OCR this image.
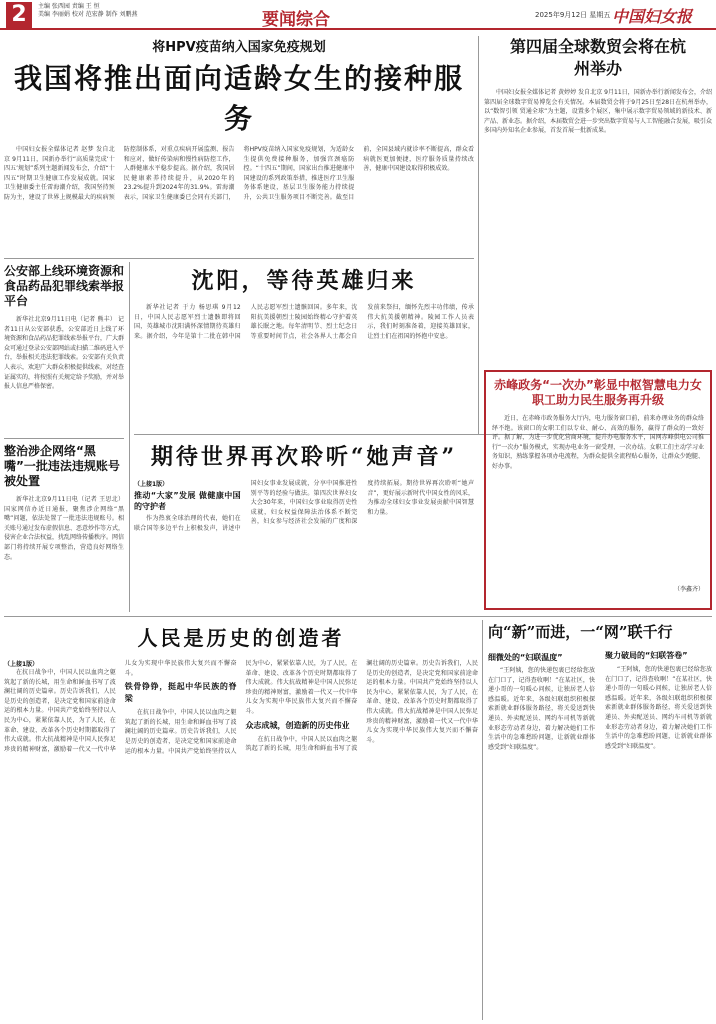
2	主编 张西园 责编 王 恒
美编 李丽娟 校对 范宏静 制作 刘鹏燕	要闻综合	2025年9月12日 星期五 中国妇女报
将HPV疫苗纳入国家免疫规划
我国将推出面向适龄女生的接种服务

中国妇女报全媒体记者 赵梦 发自北京 9月11日，国新办举行“高质量完成‘十四五’规划”系列主题新闻发布会，介绍“十四五”时期卫生健康工作发展成就。国家卫生健康委主任雷海潮介绍，我国坚持预防为主，建设了世界上规模最大的疾病预防控制体系，对重点疾病开展监测、报告和应对，做好传染病和慢性病防控工作，人群健康水平稳步提高。据介绍，我国居民健康素养持续提升，从2020年的23.2%提升到2024年的31.9%。雷海潮表示，国家卫生健康委已会同有关部门，将HPV疫苗纳入国家免疫规划，为适龄女生提供免费接种服务，加强宫颈癌防控。“十四五”期间，国家出台推进健康中国建设的系列政策举措，推进医疗卫生服务体系建设，基层卫生服务能力持续提升，公共卫生服务项目不断完善。截至目前，全国县域内就诊率不断提高，群众看病就医更加便捷，医疗服务质量持续改善，健康中国建设取得积极成效。

第四届全球数贸会将在杭州举办

中国妇女报全媒体记者 黄婷婷 发自北京 9月11日，国新办举行新闻发布会，介绍第四届全球数字贸易博览会有关情况。本届数贸会将于9月25日至28日在杭州举办，以“数智引领 贸通全球”为主题，设置多个展区，集中展示数字贸易领域的新技术、新产品、新业态。据介绍，本届数贸会进一步突出数字贸易与人工智能融合发展，吸引众多国内外知名企业参展，首发首展一批新成果。

公安部上线环境资源和食品药品犯罪线索举报平台

新华社北京9月11日电（记者 熊丰） 记者11日从公安部获悉，公安部近日上线了环境资源和食品药品犯罪线索举报平台，广大群众可通过登录公安部网站或扫描二维码进入平台，举报相关违法犯罪线索。公安部有关负责人表示，欢迎广大群众积极提供线索，对经查证属实的，将按照有关规定给予奖励，并对举报人信息严格保密。

整治涉企网络“黑嘴”一批违法违规账号被处置

新华社北京9月11日电（记者 王思北） 国家网信办近日通报，聚焦涉企网络“黑嘴”问题，依法处置了一批违法违规账号。相关账号通过发布虚假信息、恶意炒作等方式，侵害企业合法权益，扰乱网络传播秩序。网信部门将持续开展专项整治，营造良好网络生态。

沈阳，等待英雄归来

新华社记者 于力 杨思琪 9月12日，中国人民志愿军烈士遗骸即将回国，英雄城市沈阳满怀深情期待英雄归来。据介绍，今年是第十二批在韩中国人民志愿军烈士遗骸回国。多年来，沈阳抗美援朝烈士陵园始终精心守护着英雄长眠之地。每年清明节、烈士纪念日等重要时间节点，社会各界人士都会自发前来祭扫，缅怀先烈丰功伟绩，传承伟大抗美援朝精神。陵园工作人员表示，我们时刻准备着，迎接英雄回家，让烈士们在祖国的怀抱中安息。

期待世界再次聆听“她声音”
（上接1版）
推动“大家”发展 做健康中国的守护者

作为热衷全球治理的代表，她们在联合国等多边平台上积极发声，讲述中国妇女事业发展成就，分享中国推进性别平等的经验与做法。第四次世界妇女大会30年来，中国妇女事业取得历史性成就，妇女权益保障法治体系不断完善，妇女参与经济社会发展的广度和深度持续拓展。期待世界再次聆听“她声音”，更好展示新时代中国女性的风采，为推动全球妇女事业发展贡献中国智慧和力量。

赤峰政务“一次办”彰显中枢智慧电力女职工助力民生服务再升级

近日，在赤峰市政务服务大厅内，电力服务窗口前，前来办理业务的群众络绎不绝。该窗口的女职工们以专业、耐心、高效的服务，赢得了群众的一致好评。据了解，为进一步优化营商环境，提升办电服务水平，国网赤峰供电公司推行“一次办”服务模式，实现办电业务一窗受理、一次办结。女职工们主动学习业务知识，熟练掌握各项办电流程，为群众提供全流程贴心服务，让群众少跑腿、好办事。

（李鑫齐）
人民是历史的创造者
（上接1版）

在抗日战争中，中国人民以血肉之躯筑起了新的长城，用生命和鲜血书写了波澜壮阔的历史篇章。历史告诉我们，人民是历史的创造者，是决定党和国家前途命运的根本力量。中国共产党始终坚持以人民为中心，紧紧依靠人民，为了人民，在革命、建设、改革各个历史时期都取得了伟大成就。伟大抗战精神是中国人民弥足珍贵的精神财富，激励着一代又一代中华儿女为实现中华民族伟大复兴而不懈奋斗。

铁骨铮铮，挺起中华民族的脊梁

在抗日战争中，中国人民以血肉之躯筑起了新的长城，用生命和鲜血书写了波澜壮阔的历史篇章。历史告诉我们，人民是历史的创造者，是决定党和国家前途命运的根本力量。中国共产党始终坚持以人民为中心，紧紧依靠人民，为了人民，在革命、建设、改革各个历史时期都取得了伟大成就。伟大抗战精神是中国人民弥足珍贵的精神财富，激励着一代又一代中华儿女为实现中华民族伟大复兴而不懈奋斗。

众志成城，创造新的历史伟业

在抗日战争中，中国人民以血肉之躯筑起了新的长城，用生命和鲜血书写了波澜壮阔的历史篇章。历史告诉我们，人民是历史的创造者，是决定党和国家前途命运的根本力量。中国共产党始终坚持以人民为中心，紧紧依靠人民，为了人民，在革命、建设、改革各个历史时期都取得了伟大成就。伟大抗战精神是中国人民弥足珍贵的精神财富，激励着一代又一代中华儿女为实现中华民族伟大复兴而不懈奋斗。

向“新”而进，一“网”联千行
细微处的“妇联温度”

“王阿姨，您的快递包裹已经给您放在门口了，记得查收啊！”在某社区，快递小哥的一句暖心问候，让独居老人倍感温暖。近年来，各级妇联组织积极探索新就业群体服务路径，将关爱送到快递员、外卖配送员、网约车司机等新就业形态劳动者身边，着力解决她们工作生活中的急难愁盼问题，让新就业群体感受到“妇联温度”。

聚力破局的“妇联答卷”

“王阿姨，您的快递包裹已经给您放在门口了，记得查收啊！”在某社区，快递小哥的一句暖心问候，让独居老人倍感温暖。近年来，各级妇联组织积极探索新就业群体服务路径，将关爱送到快递员、外卖配送员、网约车司机等新就业形态劳动者身边，着力解决她们工作生活中的急难愁盼问题，让新就业群体感受到“妇联温度”。
